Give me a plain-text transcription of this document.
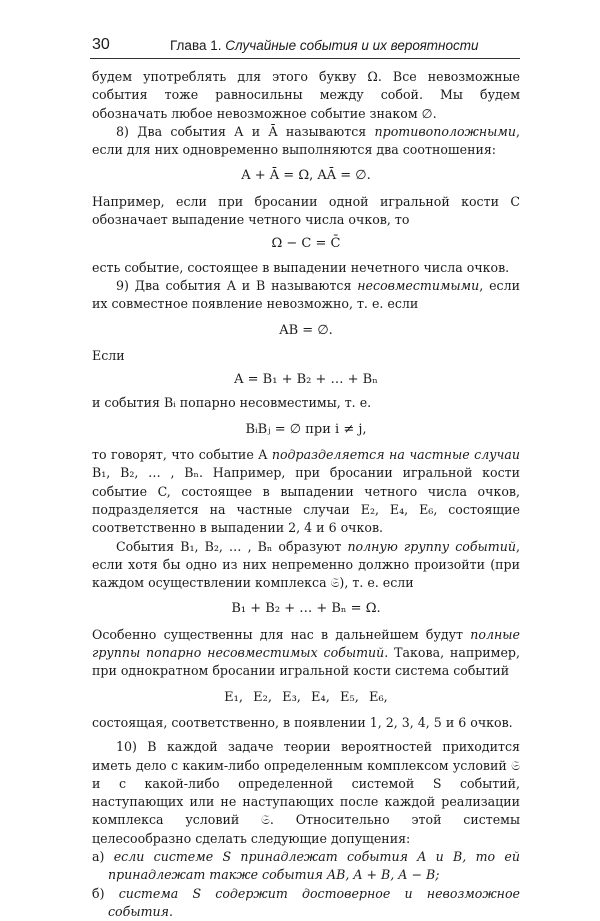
30	Глава 1. Случайные события и их вероятности

будем употреблять для этого букву Ω. Все невозможные события тоже равносильны между собой. Мы будем обозначать любое невозможное событие знаком ∅.

8) Два события A и Ā называются противоположными, если для них одновременно выполняются два соотношения:

A + Ā = Ω, AĀ = ∅.

Например, если при бросании одной игральной кости C обозначает выпадение четного числа очков, то

Ω − C = C̄

есть событие, состоящее в выпадении нечетного числа очков.

9) Два события A и B называются несовместимыми, если их совместное появление невозможно, т. е. если

AB = ∅.

Если

A = B₁ + B₂ + … + Bₙ

и события Bᵢ попарно несовместимы, т. е.

BᵢBⱼ = ∅ при i ≠ j,

то говорят, что событие A подразделяется на частные случаи B₁, B₂, … , Bₙ. Например, при бросании игральной кости событие C, состоящее в выпадении четного числа очков, подразделяется на частные случаи E₂, E₄, E₆, состоящие соответственно в выпадении 2, 4 и 6 очков.

События B₁, B₂, … , Bₙ образуют полную группу событий, если хотя бы одно из них непременно должно произойти (при каждом осуществлении комплекса 𝔖), т. е. если

B₁ + B₂ + … + Bₙ = Ω.

Особенно существенны для нас в дальнейшем будут полные группы попарно несовместимых событий. Такова, например, при однократном бросании игральной кости система событий

E₁, E₂, E₃, E₄, E₅, E₆,

состоящая, соответственно, в появлении 1, 2, 3, 4, 5 и 6 очков.

10) В каждой задаче теории вероятностей приходится иметь дело с каким-либо определенным комплексом условий 𝔖 и с какой-либо определенной системой S событий, наступающих или не наступающих после каждой реализации комплекса условий 𝔖. Относительно этой системы целесообразно сделать следующие допущения:

а) если системе S принадлежат события A и B, то ей принадлежат также события AB, A + B, A − B;

б) система S содержит достоверное и невозможное события.
